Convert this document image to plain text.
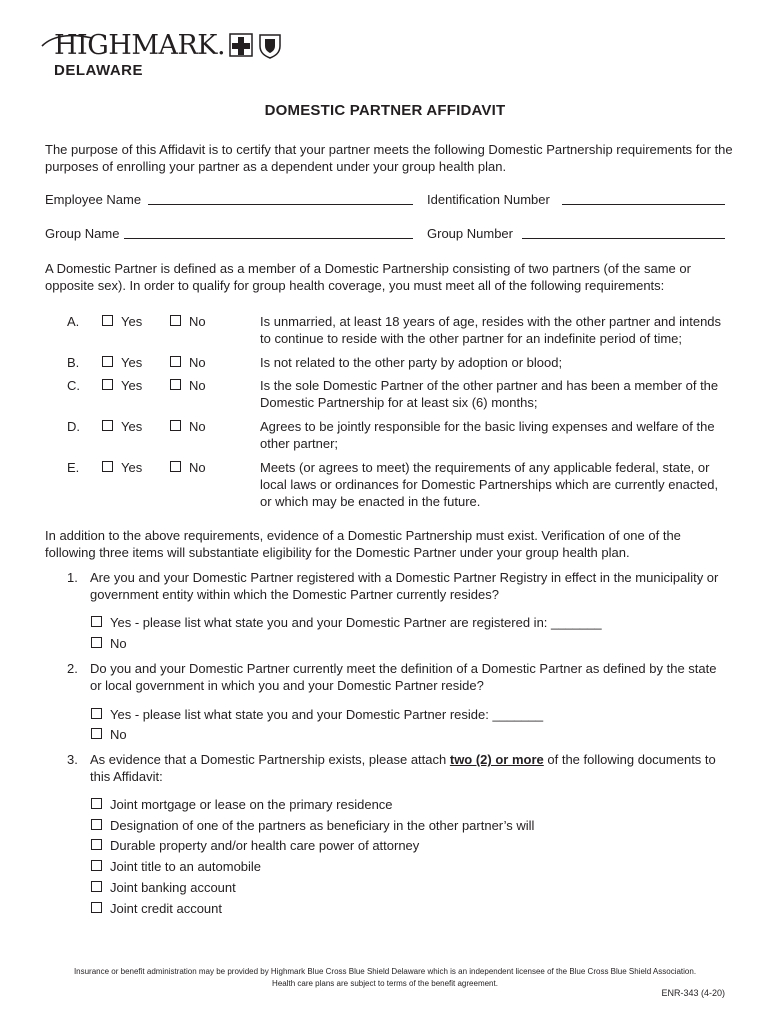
HIGHMARK.
DELAWARE
DOMESTIC PARTNER AFFIDAVIT
The purpose of this Affidavit is to certify that your partner meets the following Domestic Partnership requirements for the purposes of enrolling your partner as a dependent under your group health plan.
Employee Name	Identification Number
Group Name	Group Number
A Domestic Partner is defined as a member of a Domestic Partnership consisting of two partners (of the same or opposite sex). In order to qualify for group health coverage, you must meet all of the following requirements:
A.	Yes	No	Is unmarried, at least 18 years of age, resides with the other partner and intends to continue to reside with the other partner for an indefinite period of time;
B.	Yes	No	Is not related to the other party by adoption or blood;
C.	Yes	No	Is the sole Domestic Partner of the other partner and has been a member of the Domestic Partnership for at least six (6) months;
D.	Yes	No	Agrees to be jointly responsible for the basic living expenses and welfare of the other partner;
E.	Yes	No	Meets (or agrees to meet) the requirements of any applicable federal, state, or local laws or ordinances for Domestic Partnerships which are currently enacted, or which may be enacted in the future.
In addition to the above requirements, evidence of a Domestic Partnership must exist. Verification of one of the following three items will substantiate eligibility for the Domestic Partner under your group health plan.
1. Are you and your Domestic Partner registered with a Domestic Partner Registry in effect in the municipality or government entity within which the Domestic Partner currently resides?
Yes - please list what state you and your Domestic Partner are registered in: _______
No
2. Do you and your Domestic Partner currently meet the definition of a Domestic Partner as defined by the state or local government in which you and your Domestic Partner reside?
Yes - please list what state you and your Domestic Partner reside: _______
No
3. As evidence that a Domestic Partnership exists, please attach two (2) or more of the following documents to this Affidavit:
Joint mortgage or lease on the primary residence
Designation of one of the partners as beneficiary in the other partner’s will
Durable property and/or health care power of attorney
Joint title to an automobile
Joint banking account
Joint credit account
Insurance or benefit administration may be provided by Highmark Blue Cross Blue Shield Delaware which is an independent licensee of the Blue Cross Blue Shield Association.
Health care plans are subject to terms of the benefit agreement.
ENR-343 (4-20)
